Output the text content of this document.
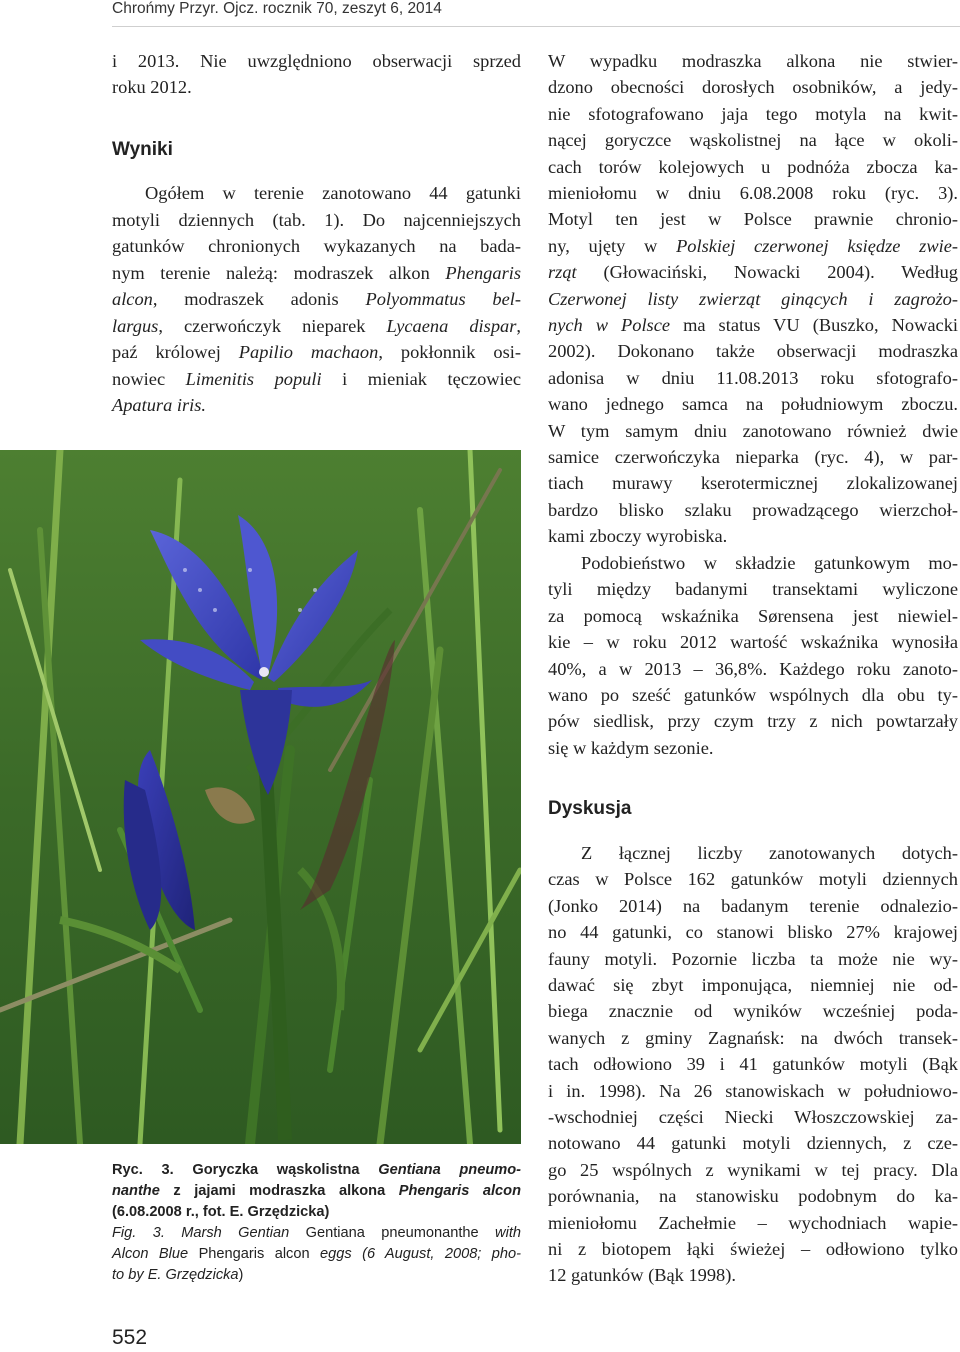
Chrońmy Przyr. Ojcz. rocznik 70, zeszyt 6, 2014
i 2013. Nie uwzględniono obserwacji sprzed
roku 2012.
Wyniki
Ogółem w terenie zanotowano 44 gatunki
motyli dziennych (tab. 1). Do najcenniejszych
gatunków chronionych wykazanych na bada-
nym terenie należą: modraszek alkon Phengaris
alcon, modraszek adonis Polyommatus bel-
largus, czerwończyk nieparek Lycaena dispar,
paź królowej Papilio machaon, pokłonnik osi-
nowiec Limenitis populi i mieniak tęczowiec
Apatura iris.
Ryc. 3. Goryczka wąskolistna Gentiana pneumo-
nanthe z jajami modraszka alkona Phengaris alcon
(6.08.2008 r., fot. E. Grzędzicka)
Fig. 3. Marsh Gentian Gentiana pneumonanthe with
Alcon Blue Phengaris alcon eggs (6 August, 2008; pho-
to by E. Grzędzicka)
W wypadku modraszka alkona nie stwier-
dzono obecności dorosłych osobników, a jedy-
nie sfotografowano jaja tego motyla na kwit-
nącej goryczce wąskolistnej na łące w okoli-
cach torów kolejowych u podnóża zbocza ka-
mieniołomu w dniu 6.08.2008 roku (ryc. 3).
Motyl ten jest w Polsce prawnie chronio-
ny, ujęty w Polskiej czerwonej księdze zwie-
rząt (Głowaciński, Nowacki 2004). Według
Czerwonej listy zwierząt ginących i zagrożo-
nych w Polsce ma status VU (Buszko, Nowacki
2002). Dokonano także obserwacji modraszka
adonisa w dniu 11.08.2013 roku sfotografo-
wano jednego samca na południowym zboczu.
W tym samym dniu zanotowano również dwie
samice czerwończyka nieparka (ryc. 4), w par-
tiach murawy kserotermicznej zlokalizowanej
bardzo blisko szlaku prowadzącego wierzchoł-
kami zboczy wyrobiska.
Podobieństwo w składzie gatunkowym mo-
tyli między badanymi transektami wyliczone
za pomocą wskaźnika Sørensena jest niewiel-
kie – w roku 2012 wartość wskaźnika wynosiła
40%, a w 2013 – 36,8%. Każdego roku zanoto-
wano po sześć gatunków wspólnych dla obu ty-
pów siedlisk, przy czym trzy z nich powtarzały
się w każdym sezonie.
Dyskusja
Z łącznej liczby zanotowanych dotych-
czas w Polsce 162 gatunków motyli dziennych
(Jonko 2014) na badanym terenie odnalezio-
no 44 gatunki, co stanowi blisko 27% krajowej
fauny motyli. Pozornie liczba ta może nie wy-
dawać się zbyt imponująca, niemniej nie od-
biega znacznie od wyników wcześniej poda-
wanych z gminy Zagnańsk: na dwóch transek-
tach odłowiono 39 i 41 gatunków motyli (Bąk
i in. 1998). Na 26 stanowiskach w południowo-
-wschodniej części Niecki Włoszczowskiej za-
notowano 44 gatunki motyli dziennych, z cze-
go 25 wspólnych z wynikami w tej pracy. Dla
porównania, na stanowisku podobnym do ka-
mieniołomu Zachełmie – wychodniach wapie-
ni z biotopem łąki świeżej – odłowiono tylko
12 gatunków (Bąk 1998).
552
